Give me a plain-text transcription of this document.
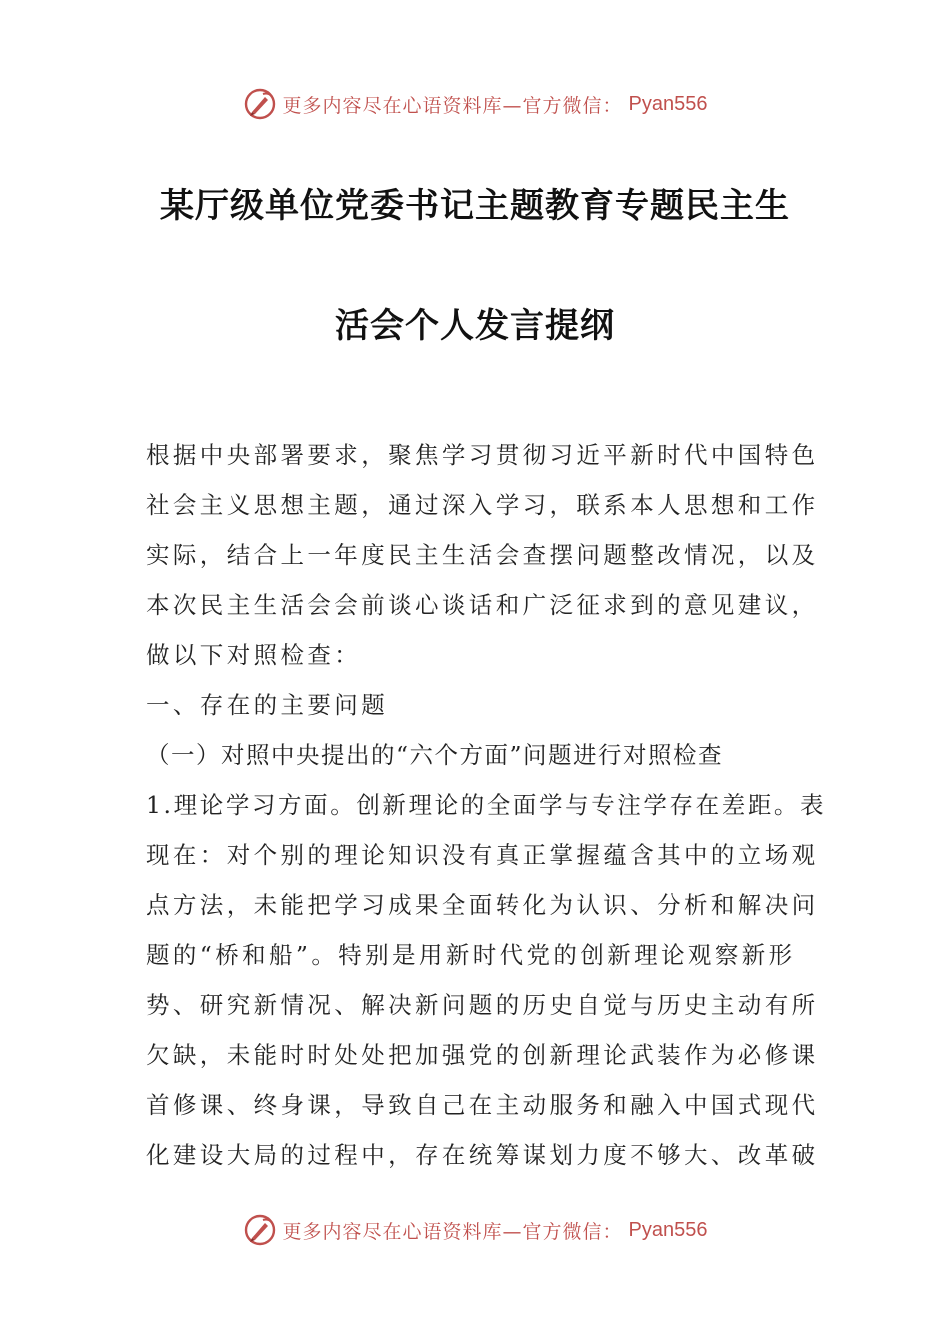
更多内容尽在心语资料库—官方微信： Pyan556
某厅级单位党委书记主题教育专题民主生
活会个人发言提纲
根据中央部署要求，聚焦学习贯彻习近平新时代中国特色
社会主义思想主题，通过深入学习，联系本人思想和工作
实际，结合上一年度民主生活会查摆问题整改情况，以及
本次民主生活会会前谈心谈话和广泛征求到的意见建议，
做以下对照检查：
一、存在的主要问题
（一）对照中央提出的“六个方面”问题进行对照检查
1.理论学习方面。创新理论的全面学与专注学存在差距。表
现在：对个别的理论知识没有真正掌握蕴含其中的立场观
点方法，未能把学习成果全面转化为认识、分析和解决问
题的“桥和船”。特别是用新时代党的创新理论观察新形
势、研究新情况、解决新问题的历史自觉与历史主动有所
欠缺，未能时时处处把加强党的创新理论武装作为必修课
首修课、终身课，导致自己在主动服务和融入中国式现代
化建设大局的过程中，存在统筹谋划力度不够大、改革破
更多内容尽在心语资料库—官方微信： Pyan556
